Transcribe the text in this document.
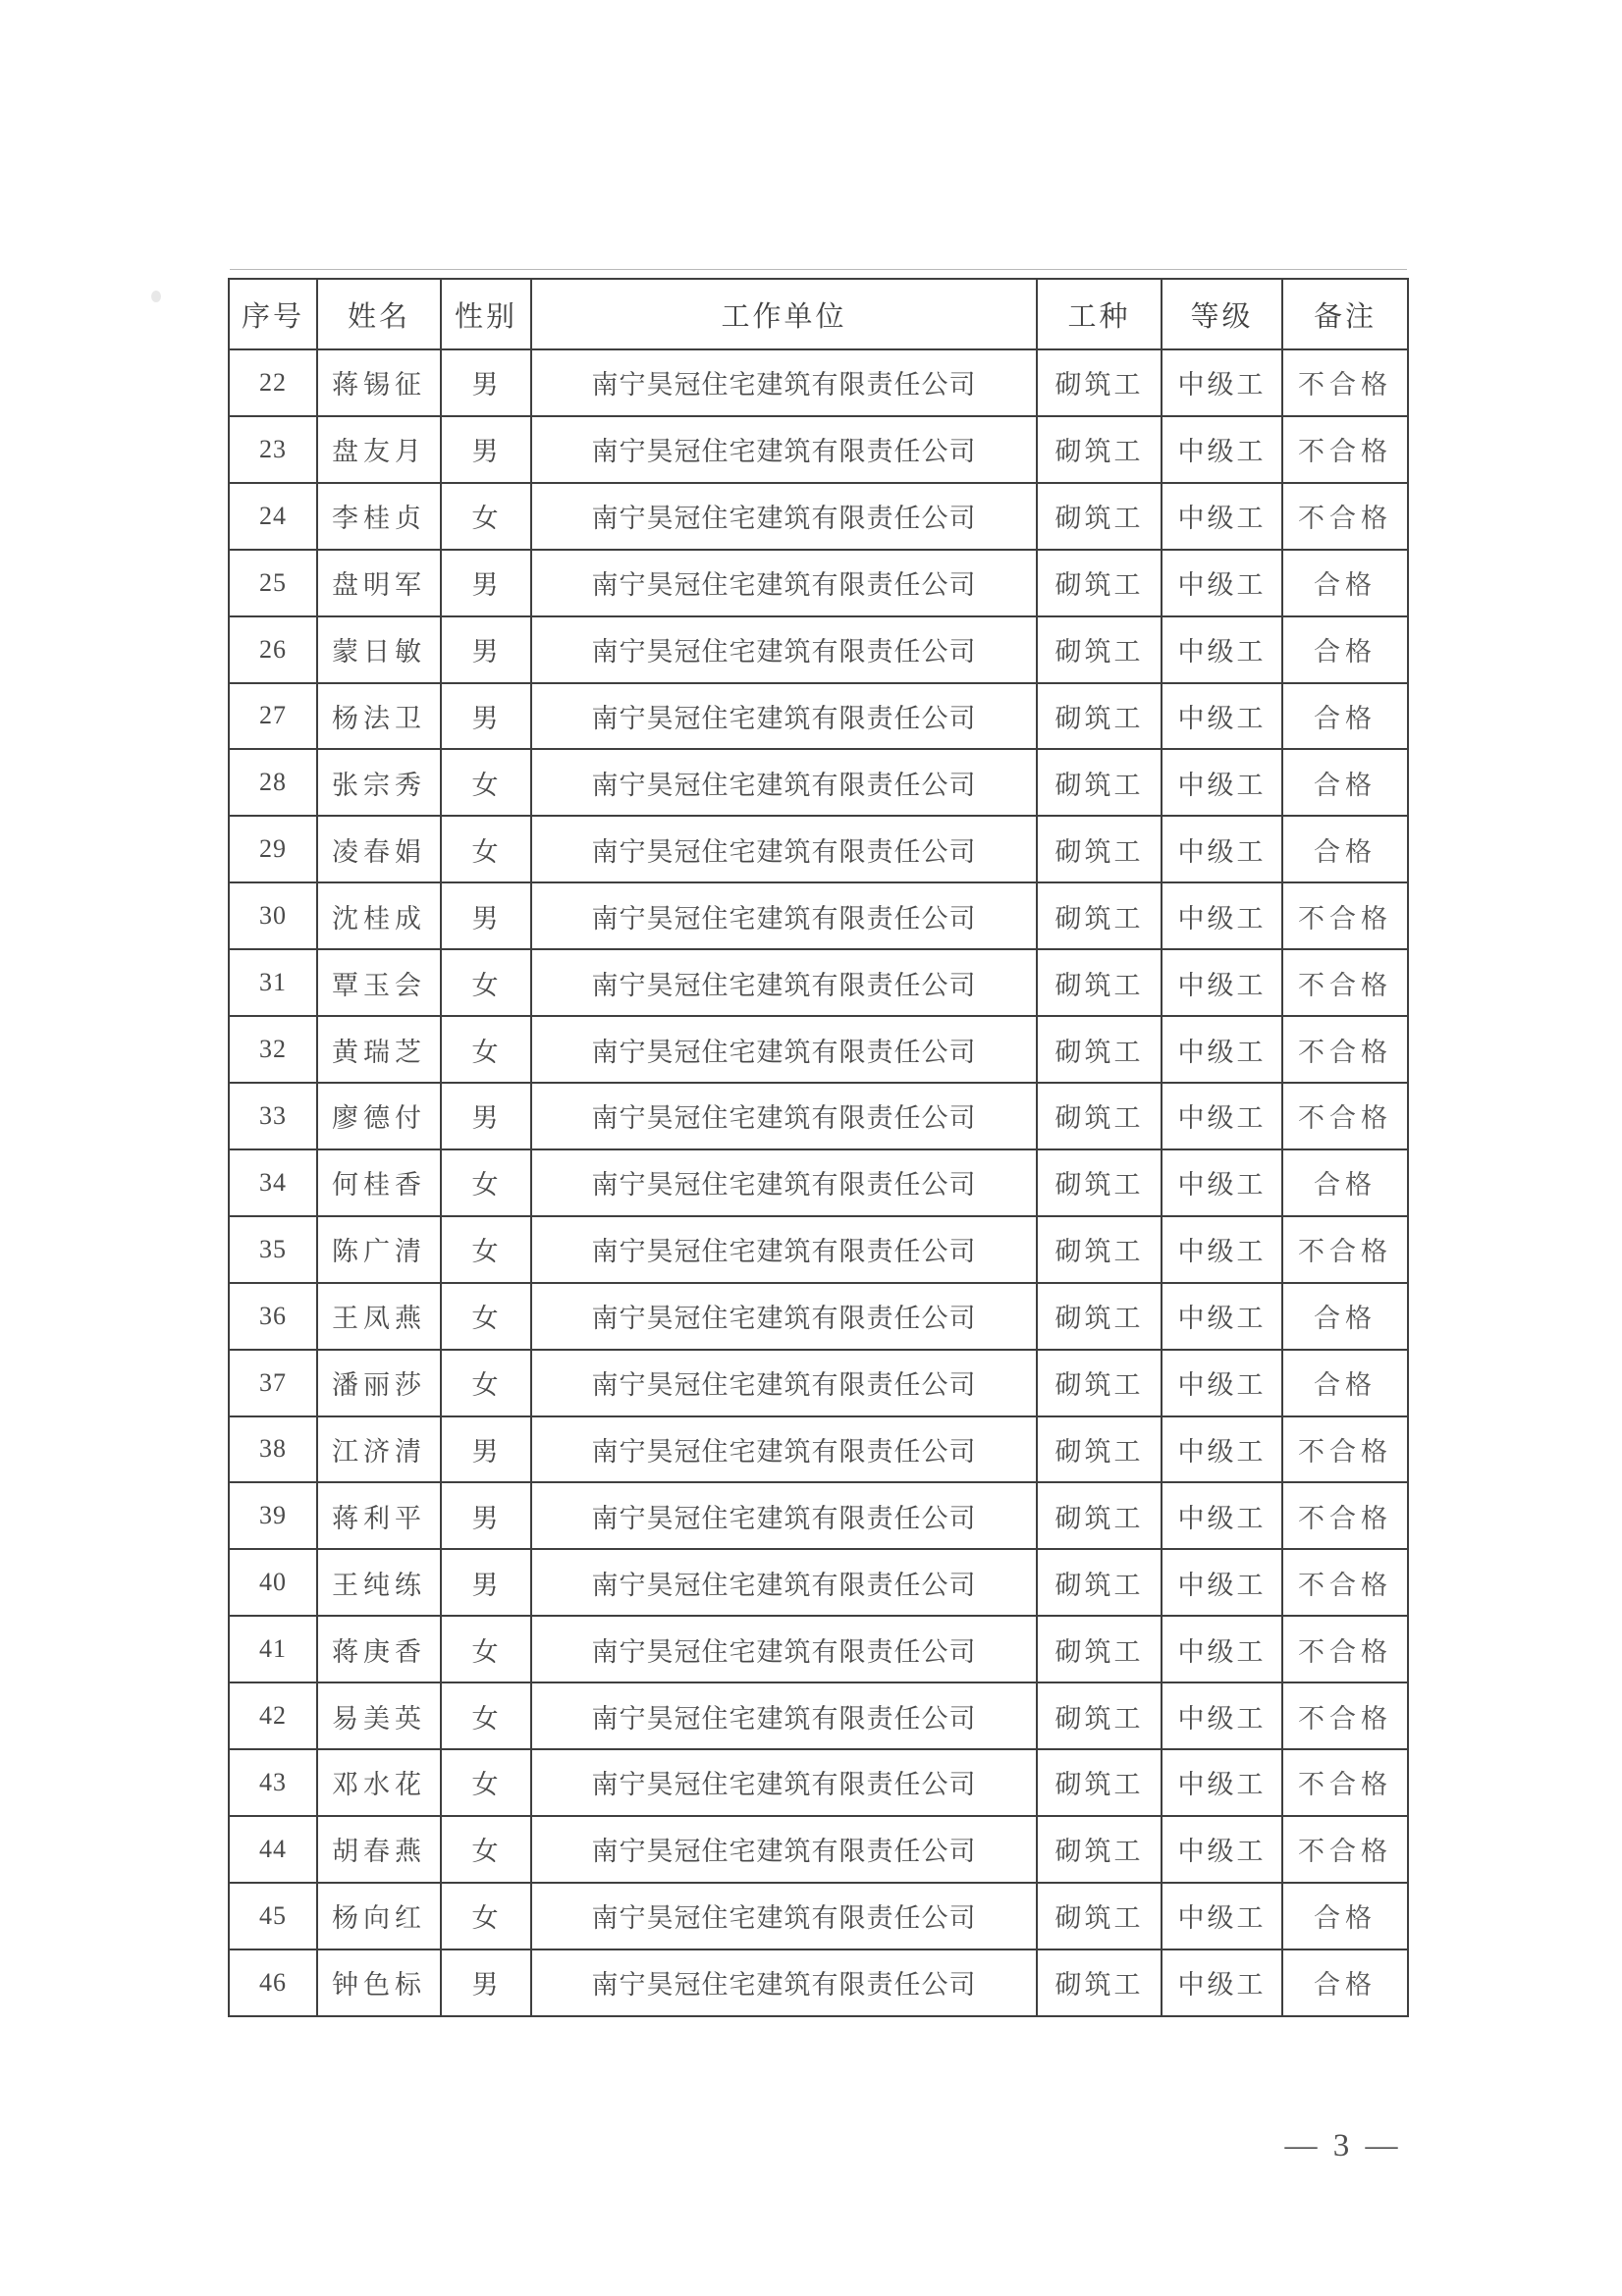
序号	姓名	性别	工作单位	工种	等级	备注
22	蒋锡征	男	南宁昊冠住宅建筑有限责任公司	砌筑工	中级工	不合格
23	盘友月	男	南宁昊冠住宅建筑有限责任公司	砌筑工	中级工	不合格
24	李桂贞	女	南宁昊冠住宅建筑有限责任公司	砌筑工	中级工	不合格
25	盘明军	男	南宁昊冠住宅建筑有限责任公司	砌筑工	中级工	合格
26	蒙日敏	男	南宁昊冠住宅建筑有限责任公司	砌筑工	中级工	合格
27	杨法卫	男	南宁昊冠住宅建筑有限责任公司	砌筑工	中级工	合格
28	张宗秀	女	南宁昊冠住宅建筑有限责任公司	砌筑工	中级工	合格
29	凌春娟	女	南宁昊冠住宅建筑有限责任公司	砌筑工	中级工	合格
30	沈桂成	男	南宁昊冠住宅建筑有限责任公司	砌筑工	中级工	不合格
31	覃玉会	女	南宁昊冠住宅建筑有限责任公司	砌筑工	中级工	不合格
32	黄瑞芝	女	南宁昊冠住宅建筑有限责任公司	砌筑工	中级工	不合格
33	廖德付	男	南宁昊冠住宅建筑有限责任公司	砌筑工	中级工	不合格
34	何桂香	女	南宁昊冠住宅建筑有限责任公司	砌筑工	中级工	合格
35	陈广清	女	南宁昊冠住宅建筑有限责任公司	砌筑工	中级工	不合格
36	王凤燕	女	南宁昊冠住宅建筑有限责任公司	砌筑工	中级工	合格
37	潘丽莎	女	南宁昊冠住宅建筑有限责任公司	砌筑工	中级工	合格
38	江济清	男	南宁昊冠住宅建筑有限责任公司	砌筑工	中级工	不合格
39	蒋利平	男	南宁昊冠住宅建筑有限责任公司	砌筑工	中级工	不合格
40	王纯练	男	南宁昊冠住宅建筑有限责任公司	砌筑工	中级工	不合格
41	蒋庚香	女	南宁昊冠住宅建筑有限责任公司	砌筑工	中级工	不合格
42	易美英	女	南宁昊冠住宅建筑有限责任公司	砌筑工	中级工	不合格
43	邓水花	女	南宁昊冠住宅建筑有限责任公司	砌筑工	中级工	不合格
44	胡春燕	女	南宁昊冠住宅建筑有限责任公司	砌筑工	中级工	不合格
45	杨向红	女	南宁昊冠住宅建筑有限责任公司	砌筑工	中级工	合格
46	钟色标	男	南宁昊冠住宅建筑有限责任公司	砌筑工	中级工	合格
— 3 —
